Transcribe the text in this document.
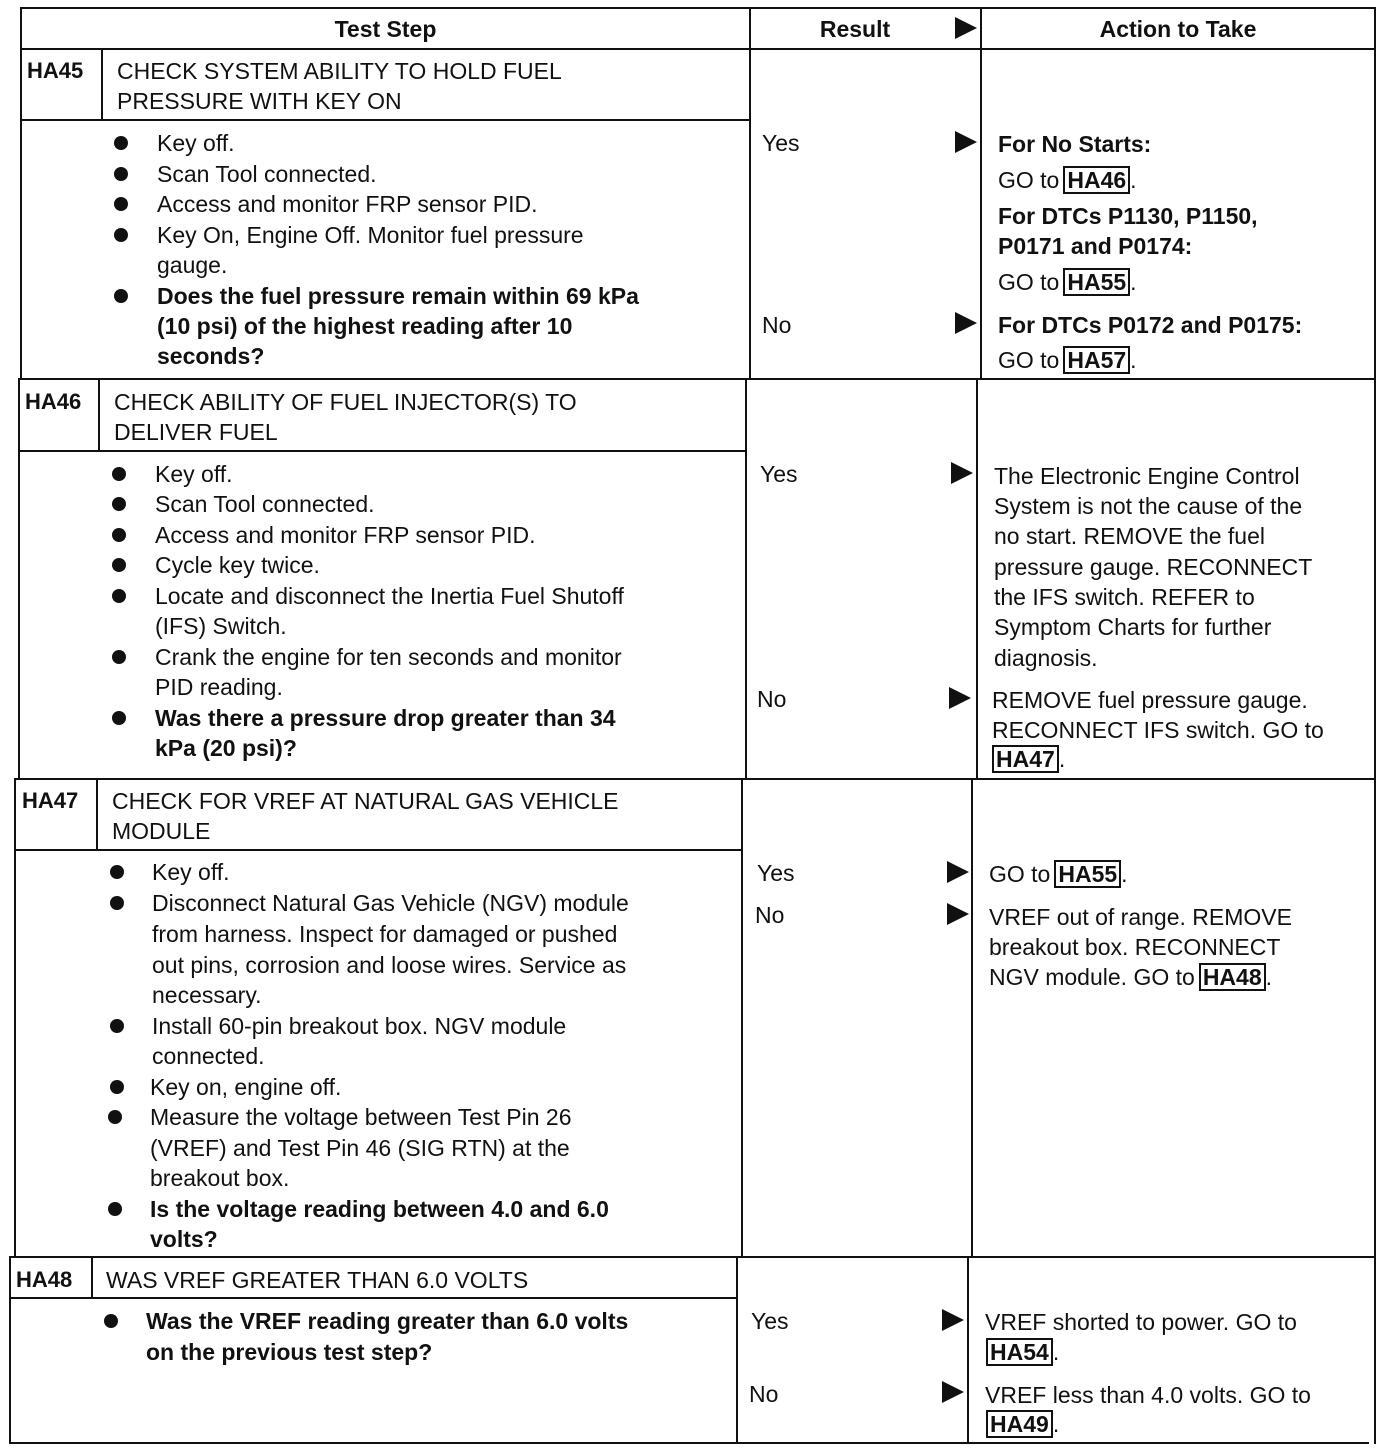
Test Step	Result	Action to Take
HA45 CHECK SYSTEM ABILITY TO HOLD FUEL
PRESSURE WITH KEY ON
Key off.
Scan Tool connected.
Access and monitor FRP sensor PID.
Key On, Engine Off. Monitor fuel pressure
gauge.
Does the fuel pressure remain within 69 kPa
(10 psi) of the highest reading after 10
seconds?
Yes
No
For No Starts:
GO to HA46 .
For DTCs P1130, P1150,
P0171 and P0174:
GO to HA55 .
For DTCs P0172 and P0175:
GO to HA57 .
HA46 CHECK ABILITY OF FUEL INJECTOR(S) TO
DELIVER FUEL
Key off.
Scan Tool connected.
Access and monitor FRP sensor PID.
Cycle key twice.
Locate and disconnect the Inertia Fuel Shutoff
(IFS) Switch.
Crank the engine for ten seconds and monitor
PID reading.
Was there a pressure drop greater than 34
kPa (20 psi)?
Yes
No
The Electronic Engine Control
System is not the cause of the
no start. REMOVE the fuel
pressure gauge. RECONNECT
the IFS switch. REFER to
Symptom Charts for further
diagnosis.
REMOVE fuel pressure gauge.
RECONNECT IFS switch. GO to
HA47 .
HA47 CHECK FOR VREF AT NATURAL GAS VEHICLE
MODULE
Key off.
Disconnect Natural Gas Vehicle (NGV) module
from harness. Inspect for damaged or pushed
out pins, corrosion and loose wires. Service as
necessary.
Install 60-pin breakout box. NGV module
connected.
Key on, engine off.
Measure the voltage between Test Pin 26
(VREF) and Test Pin 46 (SIG RTN) at the
breakout box.
Is the voltage reading between 4.0 and 6.0
volts?
Yes
No
GO to HA55 .
VREF out of range. REMOVE
breakout box. RECONNECT
NGV module. GO to HA48 .
HA48 WAS VREF GREATER THAN 6.0 VOLTS
Was the VREF reading greater than 6.0 volts
on the previous test step?
Yes
No
VREF shorted to power. GO to
HA54 .
VREF less than 4.0 volts. GO to
HA49 .
